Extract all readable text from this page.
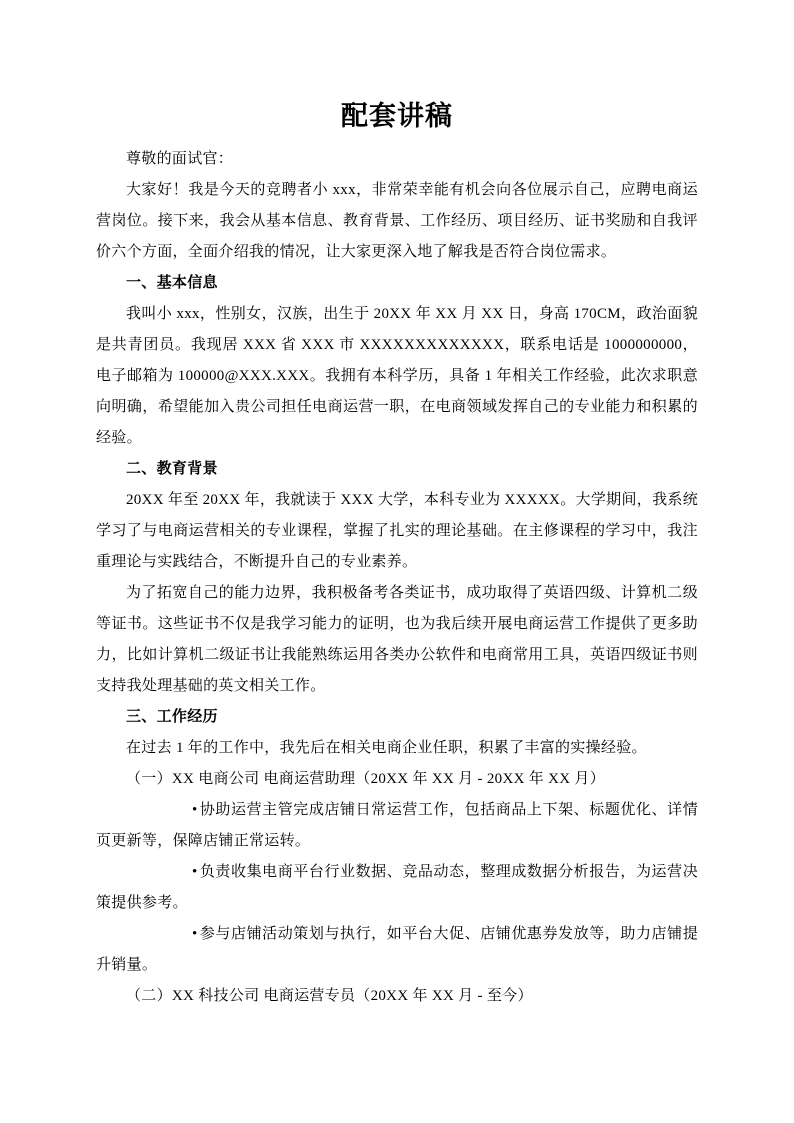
配套讲稿

尊敬的面试官：

大家好！我是今天的竞聘者小 xxx，非常荣幸能有机会向各位展示自己，应聘电商运营岗位。接下来，我会从基本信息、教育背景、工作经历、项目经历、证书奖励和自我评价六个方面，全面介绍我的情况，让大家更深入地了解我是否符合岗位需求。

一、基本信息

我叫小 xxx，性别女，汉族，出生于 20XX 年 XX 月 XX 日，身高 170CM，政治面貌是共青团员。我现居 XXX 省 XXX 市 XXXXXXXXXXXXX，联系电话是 1000000000，电子邮箱为 100000@XXX.XXX。我拥有本科学历，具备 1 年相关工作经验，此次求职意向明确，希望能加入贵公司担任电商运营一职，在电商领域发挥自己的专业能力和积累的经验。

二、教育背景

20XX 年至 20XX 年，我就读于 XXX 大学，本科专业为 XXXXX。大学期间，我系统学习了与电商运营相关的专业课程，掌握了扎实的理论基础。在主修课程的学习中，我注重理论与实践结合，不断提升自己的专业素养。

为了拓宽自己的能力边界，我积极备考各类证书，成功取得了英语四级、计算机二级等证书。这些证书不仅是我学习能力的证明，也为我后续开展电商运营工作提供了更多助力，比如计算机二级证书让我能熟练运用各类办公软件和电商常用工具，英语四级证书则支持我处理基础的英文相关工作。

三、工作经历

在过去 1 年的工作中，我先后在相关电商企业任职，积累了丰富的实操经验。

（一）XX 电商公司 电商运营助理（20XX 年 XX 月 - 20XX 年 XX 月）

• 协助运营主管完成店铺日常运营工作，包括商品上下架、标题优化、详情页更新等，保障店铺正常运转。

• 负责收集电商平台行业数据、竞品动态，整理成数据分析报告，为运营决策提供参考。

• 参与店铺活动策划与执行，如平台大促、店铺优惠券发放等，助力店铺提升销量。

（二）XX 科技公司 电商运营专员（20XX 年 XX 月 - 至今）
